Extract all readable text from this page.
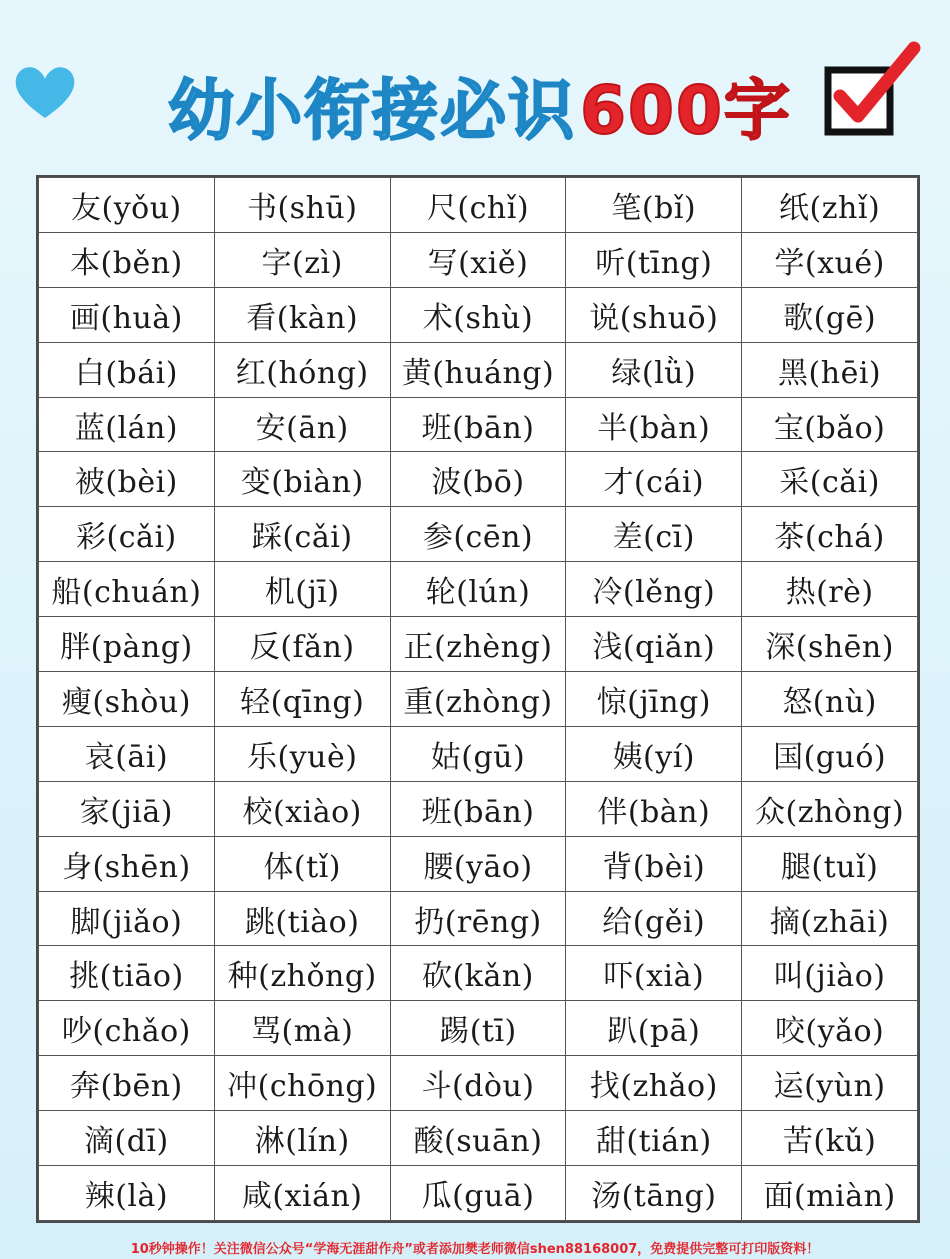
幼小衔接必识 600字
友(yǒu)	书(shū)	尺(chǐ)	笔(bǐ)	纸(zhǐ)
本(běn)	字(zì)	写(xiě)	听(tīng)	学(xué)
画(huà)	看(kàn)	术(shù)	说(shuō)	歌(gē)
白(bái)	红(hóng)	黄(huáng)	绿(lǜ)	黑(hēi)
蓝(lán)	安(ān)	班(bān)	半(bàn)	宝(bǎo)
被(bèi)	变(biàn)	波(bō)	才(cái)	采(cǎi)
彩(cǎi)	踩(cǎi)	参(cēn)	差(cī)	茶(chá)
船(chuán)	机(jī)	轮(lún)	冷(lěng)	热(rè)
胖(pàng)	反(fǎn)	正(zhèng)	浅(qiǎn)	深(shēn)
瘦(shòu)	轻(qīng)	重(zhòng)	惊(jīng)	怒(nù)
哀(āi)	乐(yuè)	姑(gū)	姨(yí)	国(guó)
家(jiā)	校(xiào)	班(bān)	伴(bàn)	众(zhòng)
身(shēn)	体(tǐ)	腰(yāo)	背(bèi)	腿(tuǐ)
脚(jiǎo)	跳(tiào)	扔(rēng)	给(gěi)	摘(zhāi)
挑(tiāo)	种(zhǒng)	砍(kǎn)	吓(xià)	叫(jiào)
吵(chǎo)	骂(mà)	踢(tī)	趴(pā)	咬(yǎo)
奔(bēn)	冲(chōng)	斗(dòu)	找(zhǎo)	运(yùn)
滴(dī)	淋(lín)	酸(suān)	甜(tián)	苦(kǔ)
辣(là)	咸(xián)	瓜(guā)	汤(tāng)	面(miàn)
10秒钟操作！关注微信公众号“学海无涯甜作舟”或者添加樊老师微信shen88168007，免费提供完整可打印版资料！
